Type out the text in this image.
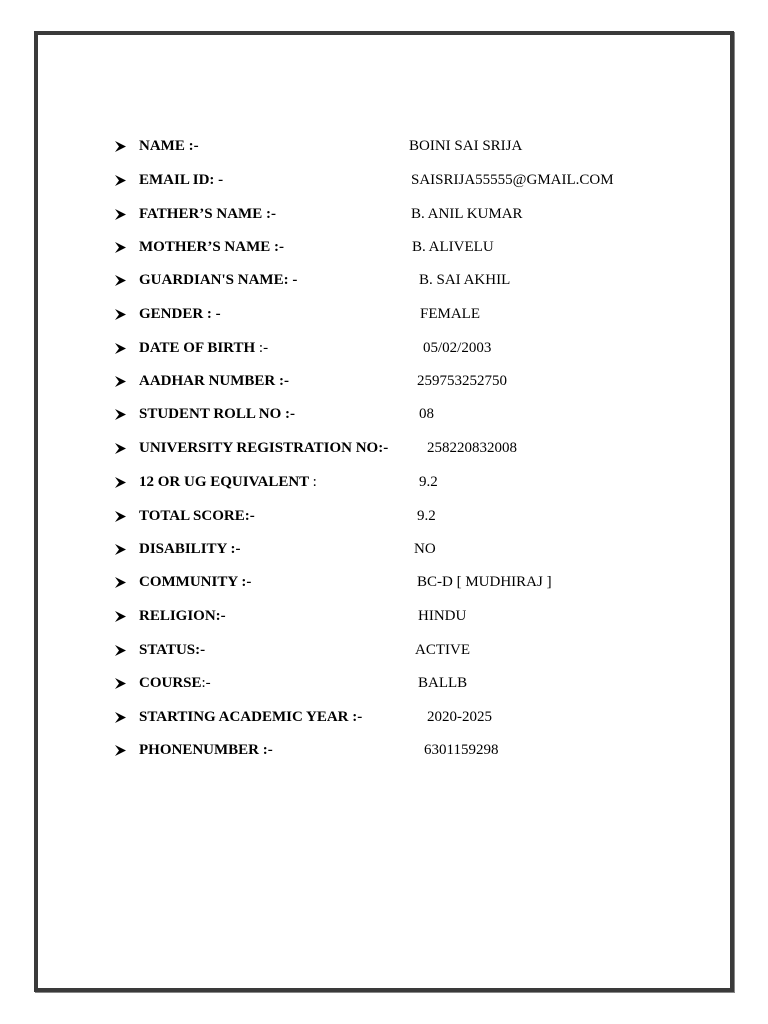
NAME :-	BOINI SAI SRIJA
EMAIL ID: -	SAISRIJA55555@GMAIL.COM
FATHER’S NAME :-	B. ANIL KUMAR
MOTHER’S NAME :-	B. ALIVELU
GUARDIAN'S NAME: -	B. SAI AKHIL
GENDER : -	FEMALE
DATE OF BIRTH :-	05/02/2003
AADHAR NUMBER :-	259753252750
STUDENT ROLL NO :-	08
UNIVERSITY REGISTRATION NO:-	258220832008
12 OR UG EQUIVALENT :	9.2
TOTAL SCORE:-	9.2
DISABILITY :-	NO
COMMUNITY :-	BC-D [ MUDHIRAJ ]
RELIGION:-	HINDU
STATUS:-	ACTIVE
COURSE:-	BALLB
STARTING ACADEMIC YEAR :-	2020-2025
PHONENUMBER :-	6301159298
